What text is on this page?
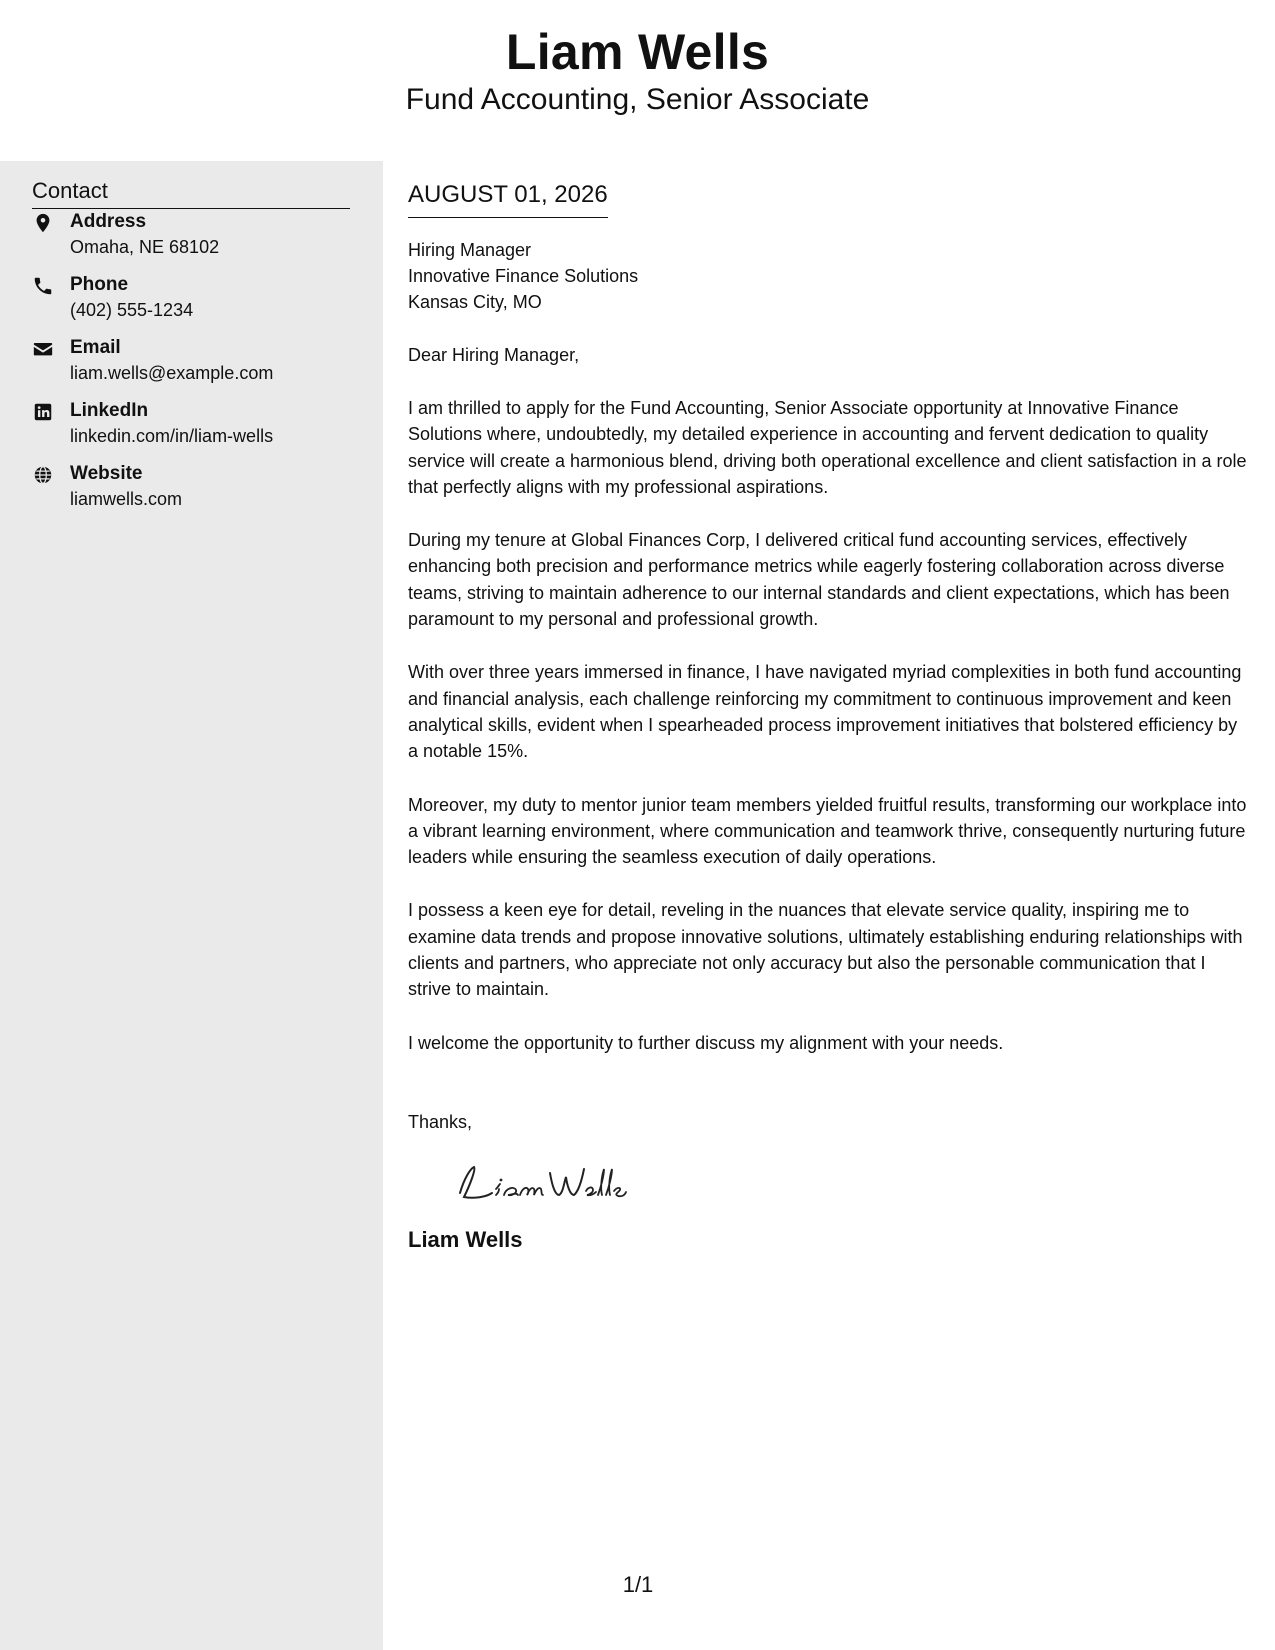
Liam Wells
Fund Accounting, Senior Associate
Contact
Address
Omaha, NE 68102
Phone
(402) 555-1234
Email
liam.wells@example.com
LinkedIn
linkedin.com/in/liam-wells
Website
liamwells.com
AUGUST 01, 2026
Hiring Manager
Innovative Finance Solutions
Kansas City, MO
Dear Hiring Manager,
I am thrilled to apply for the Fund Accounting, Senior Associate opportunity at Innovative Finance Solutions where, undoubtedly, my detailed experience in accounting and fervent dedication to quality service will create a harmonious blend, driving both operational excellence and client satisfaction in a role that perfectly aligns with my professional aspirations.
During my tenure at Global Finances Corp, I delivered critical fund accounting services, effectively enhancing both precision and performance metrics while eagerly fostering collaboration across diverse teams, striving to maintain adherence to our internal standards and client expectations, which has been paramount to my personal and professional growth.
With over three years immersed in finance, I have navigated myriad complexities in both fund accounting and financial analysis, each challenge reinforcing my commitment to continuous improvement and keen analytical skills, evident when I spearheaded process improvement initiatives that bolstered efficiency by a notable 15%.
Moreover, my duty to mentor junior team members yielded fruitful results, transforming our workplace into a vibrant learning environment, where communication and teamwork thrive, consequently nurturing future leaders while ensuring the seamless execution of daily operations.
I possess a keen eye for detail, reveling in the nuances that elevate service quality, inspiring me to examine data trends and propose innovative solutions, ultimately establishing enduring relationships with clients and partners, who appreciate not only accuracy but also the personable communication that I strive to maintain.
I welcome the opportunity to further discuss my alignment with your needs.
Thanks,
Liam Wells
1/1
